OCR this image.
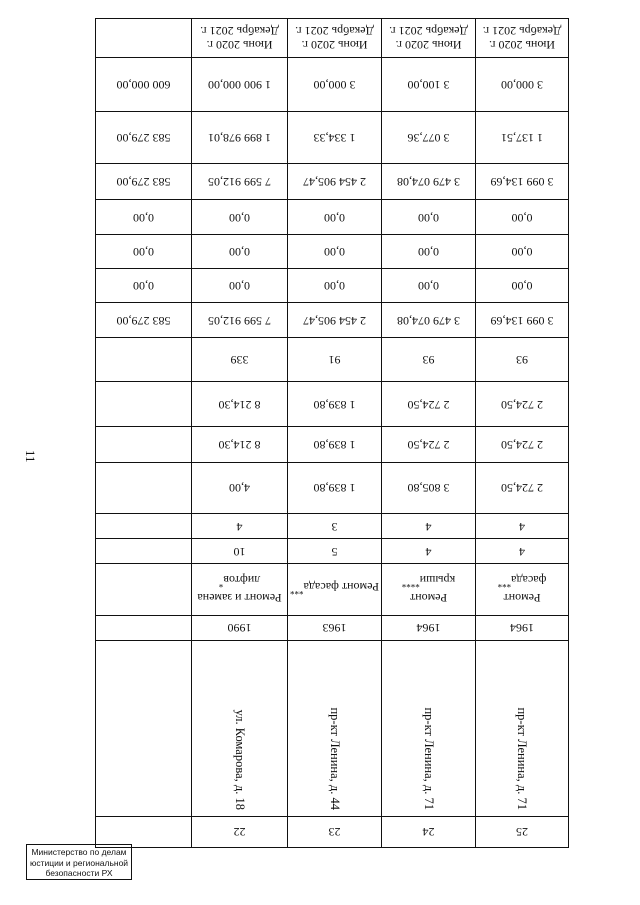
11
Министерство по делам
юстиции и региональной
безопасности РХ
25	24	23	22	
пр-кт Ленина, д. 71	пр-кт Ленина, д. 71	пр-кт Ленина, д. 44	ул. Комарова, д. 18	
1964	1964	1963	1990	
Ремонт фасада***	Ремонт крыши****	Ремонт фасада***	Ремонт и замена лифтов*	
4	4	5	10	
4	4	3	4	
2 724,50	3 805,80	1 839,80	4,00	
2 724,50	2 724,50	1 839,80	8 214,30	
2 724,50	2 724,50	1 839,80	8 214,30	
93	93	91	339	
3 099 134,69	3 479 074,08	2 454 905,47	7 599 912,05	583 279,00
0,00	0,00	0,00	0,00	0,00
0,00	0,00	0,00	0,00	0,00
0,00	0,00	0,00	0,00	0,00
3 099 134,69	3 479 074,08	2 454 905,47	7 599 912,05	583 279,00
1 137,51	3 077,36	1 334,33	1 899 978,01	583 279,00
3 000,00	3 100,00	3 000,00	1 900 000,00	600 000,00
Июнь 2020 г. Декабрь 2021 г.	Июнь 2020 г. Декабрь 2021 г.	Июнь 2020 г. Декабрь 2021 г.	Июнь 2020 г. Декабрь 2021 г.	
